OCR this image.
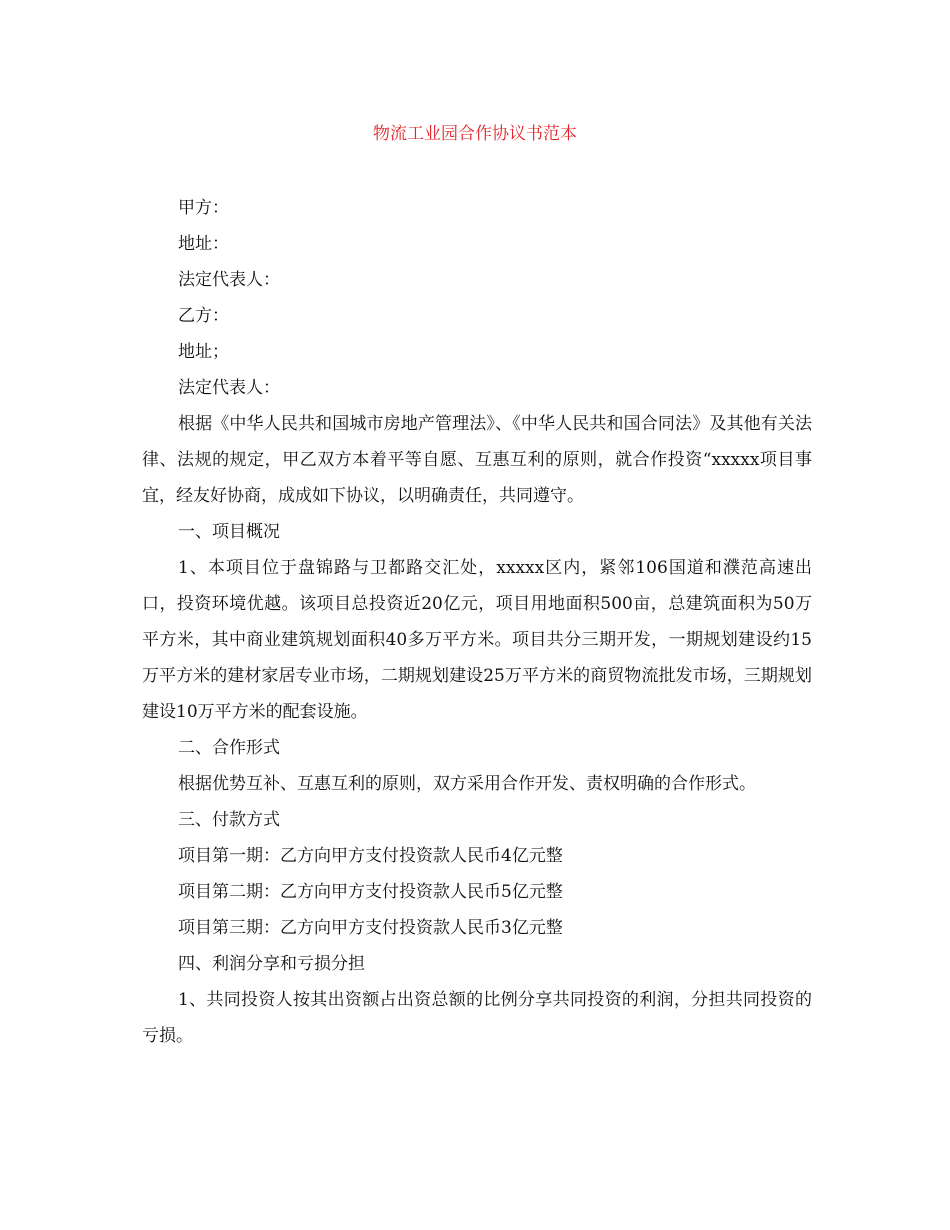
物流工业园合作协议书范本

甲方：

地址：

法定代表人：

乙方：

地址；

法定代表人：

根据《中华人民共和国城市房地产管理法》、《中华人民共和国合同法》及其他有关法律、法规的规定，甲乙双方本着平等自愿、互惠互利的原则，就合作投资“xxxxx项目事宜，经友好协商，成成如下协议，以明确责任，共同遵守。

一、项目概况

1、本项目位于盘锦路与卫都路交汇处，xxxxx区内，紧邻106国道和濮范高速出口，投资环境优越。该项目总投资近20亿元，项目用地面积500亩，总建筑面积为50万平方米，其中商业建筑规划面积40多万平方米。项目共分三期开发，一期规划建设约15万平方米的建材家居专业市场，二期规划建设25万平方米的商贸物流批发市场，三期规划建设10万平方米的配套设施。

二、合作形式

根据优势互补、互惠互利的原则，双方采用合作开发、责权明确的合作形式。

三、付款方式

项目第一期：乙方向甲方支付投资款人民币4亿元整

项目第二期：乙方向甲方支付投资款人民币5亿元整

项目第三期：乙方向甲方支付投资款人民币3亿元整

四、利润分享和亏损分担

1、共同投资人按其出资额占出资总额的比例分享共同投资的利润，分担共同投资的亏损。
